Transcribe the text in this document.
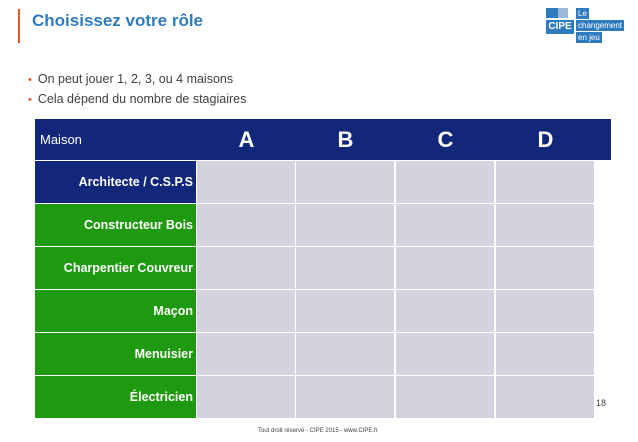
Choisissez votre rôle	CIPE
Le
changement
en jeu
• On peut jouer 1, 2, 3, ou 4 maisons
• Cela dépend du nombre de stagiaires
Maison	A	B	C	D
Architecte / C.S.P.S
Constructeur Bois
Charpentier Couvreur
Maçon
Menuisier
Électricien	18
Tout droit réservé - CIPE 2015 - www.CIPE.fr
